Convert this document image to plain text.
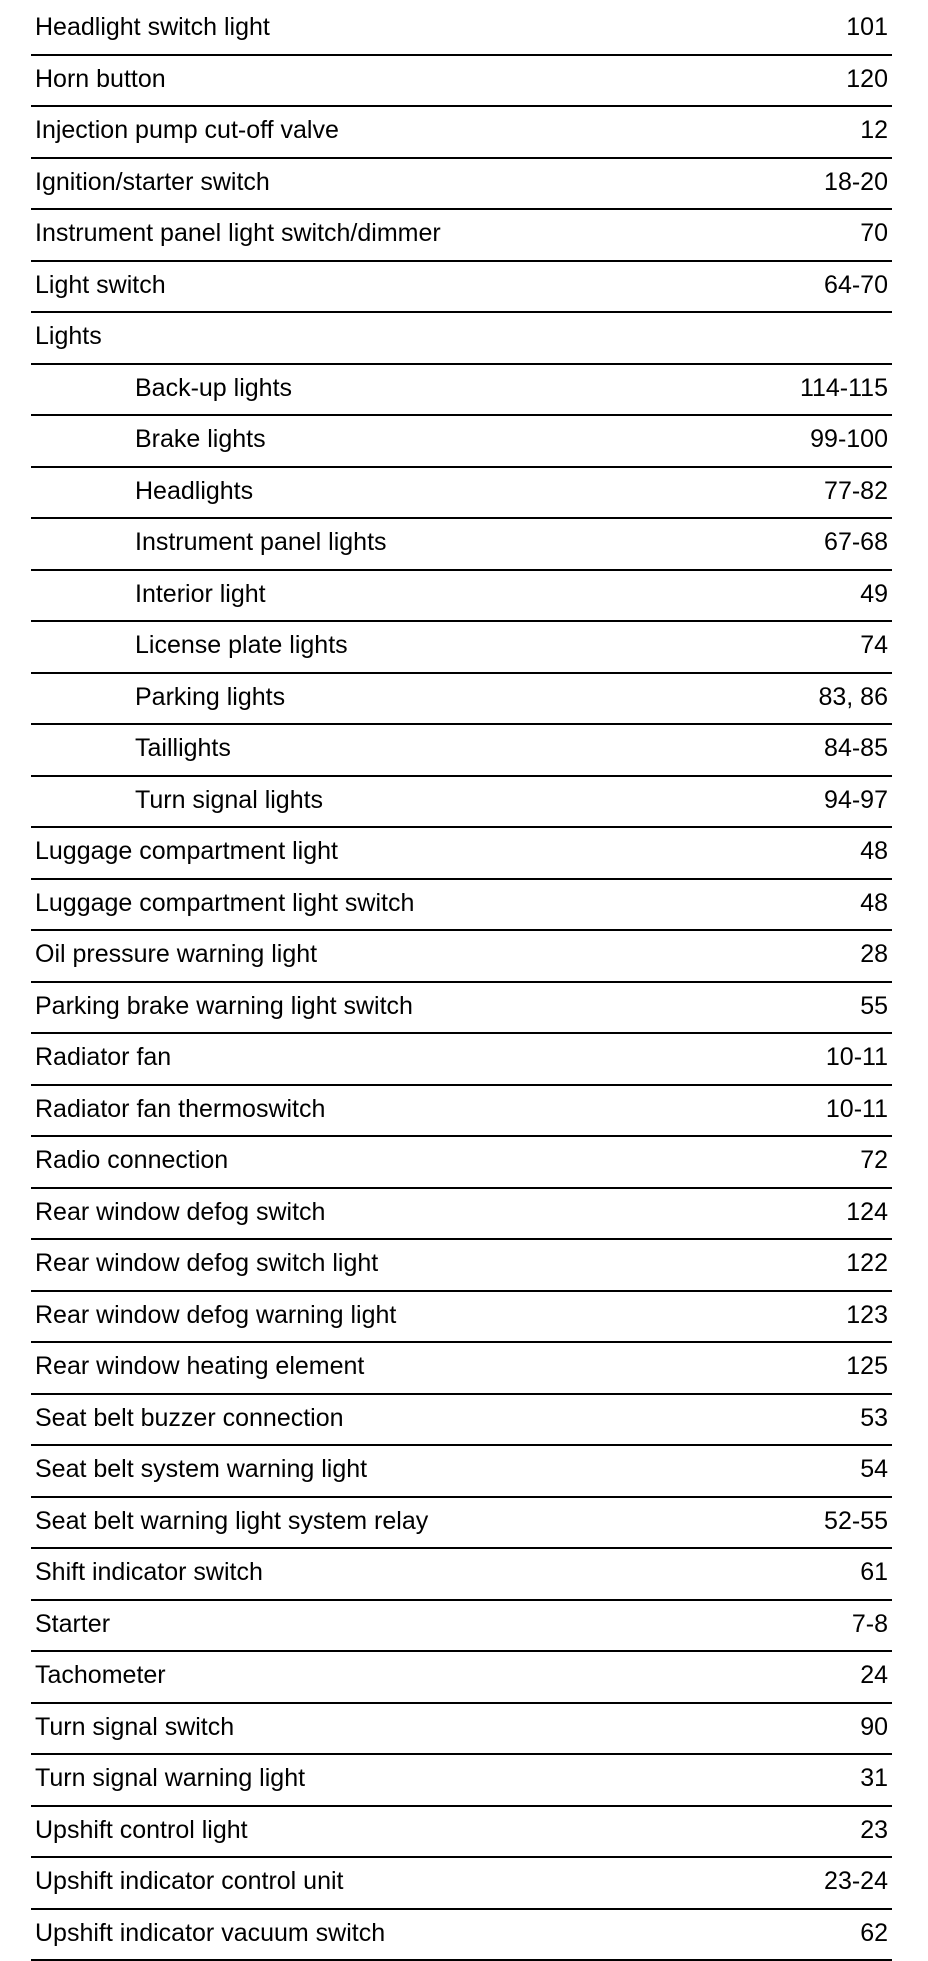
Headlight switch light	101
Horn button	120
Injection pump cut-off valve	12
Ignition/starter switch	18-20
Instrument panel light switch/dimmer	70
Light switch	64-70
Lights
Back-up lights	114-115
Brake lights	99-100
Headlights	77-82
Instrument panel lights	67-68
Interior light	49
License plate lights	74
Parking lights	83, 86
Taillights	84-85
Turn signal lights	94-97
Luggage compartment light	48
Luggage compartment light switch	48
Oil pressure warning light	28
Parking brake warning light switch	55
Radiator fan	10-11
Radiator fan thermoswitch	10-11
Radio connection	72
Rear window defog switch	124
Rear window defog switch light	122
Rear window defog warning light	123
Rear window heating element	125
Seat belt buzzer connection	53
Seat belt system warning light	54
Seat belt warning light system relay	52-55
Shift indicator switch	61
Starter	7-8
Tachometer	24
Turn signal switch	90
Turn signal warning light	31
Upshift control light	23
Upshift indicator control unit	23-24
Upshift indicator vacuum switch	62
